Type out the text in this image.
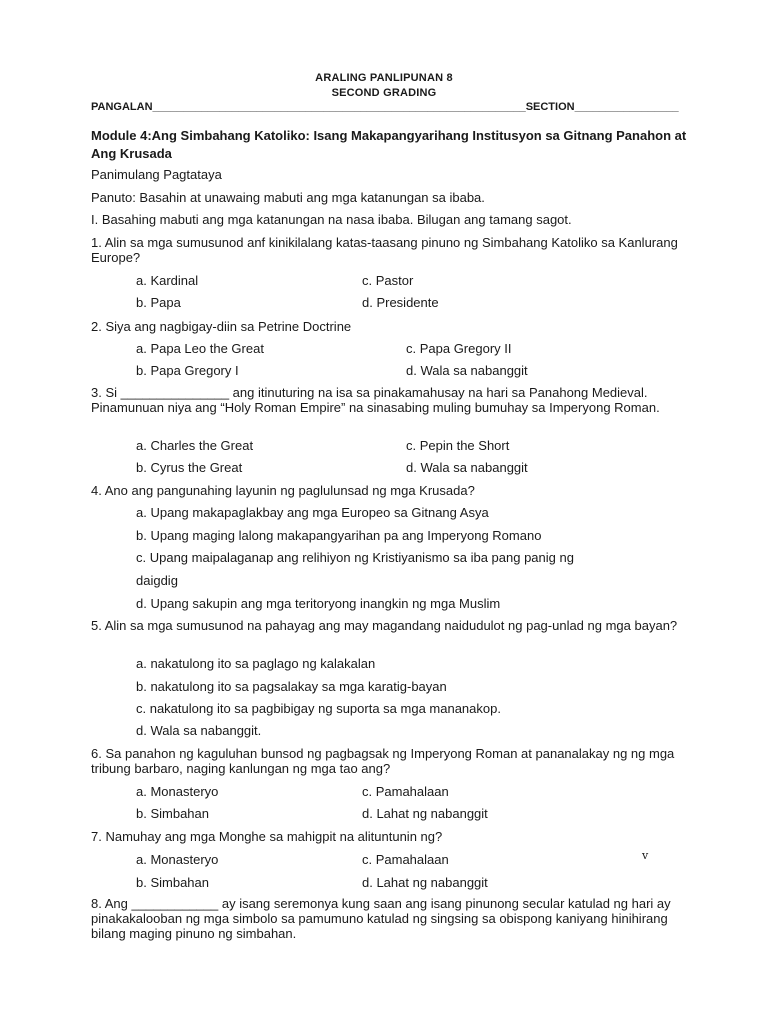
ARALING PANLIPUNAN 8
SECOND GRADING
PANGALAN_____________________________________________________________SECTION_________________
Module 4:Ang Simbahang Katoliko: Isang Makapangyarihang Institusyon sa Gitnang Panahon at Ang Krusada
Panimulang Pagtataya
Panuto: Basahin at unawaing mabuti ang mga katanungan sa ibaba.
I. Basahing mabuti ang mga katanungan na nasa ibaba. Bilugan ang tamang sagot.
1. Alin sa mga sumusunod anf kinikilalang katas-taasang pinuno ng Simbahang Katoliko sa Kanlurang Europe?
a. Kardinal	c. Pastor
b. Papa	d. Presidente
2. Siya ang nagbigay-diin sa Petrine Doctrine
a. Papa Leo the Great	c. Papa Gregory II
b. Papa Gregory I	d. Wala sa nabanggit
3. Si _______________ ang itinuturing na isa sa pinakamahusay na hari sa Panahong Medieval. Pinamunuan niya ang “Holy Roman Empire” na sinasabing muling bumuhay sa Imperyong Roman.
a. Charles the Great	c. Pepin the Short
b. Cyrus the Great	d. Wala sa nabanggit
4. Ano ang pangunahing layunin ng paglulunsad ng mga Krusada?
a. Upang makapaglakbay ang mga Europeo sa Gitnang Asya
b. Upang maging lalong makapangyarihan pa ang Imperyong Romano
c. Upang maipalaganap ang relihiyon ng Kristiyanismo sa iba pang panig ng
daigdig
d. Upang sakupin ang mga teritoryong inangkin ng mga Muslim
5. Alin sa mga sumusunod na pahayag ang may magandang naidudulot ng pag-unlad ng mga bayan?
a. nakatulong ito sa paglago ng kalakalan
b. nakatulong ito sa pagsalakay sa mga karatig-bayan
c. nakatulong ito sa pagbibigay ng suporta sa mga mananakop.
d. Wala sa nabanggit.
6. Sa panahon ng kaguluhan bunsod ng pagbagsak ng Imperyong Roman at pananalakay ng ng mga tribung barbaro, naging kanlungan ng mga tao ang?
a. Monasteryo	c. Pamahalaan
b. Simbahan	d. Lahat ng nabanggit
7. Namuhay ang mga Monghe sa mahigpit na alituntunin ng?
a. Monasteryo	c. Pamahalaan
b. Simbahan	d. Lahat ng nabanggit
v
8. Ang ____________ ay isang seremonya kung saan ang isang pinunong secular katulad ng hari ay pinakakalooban ng mga simbolo sa pamumuno katulad ng singsing sa obispong kaniyang hinihirang bilang maging pinuno ng simbahan.
